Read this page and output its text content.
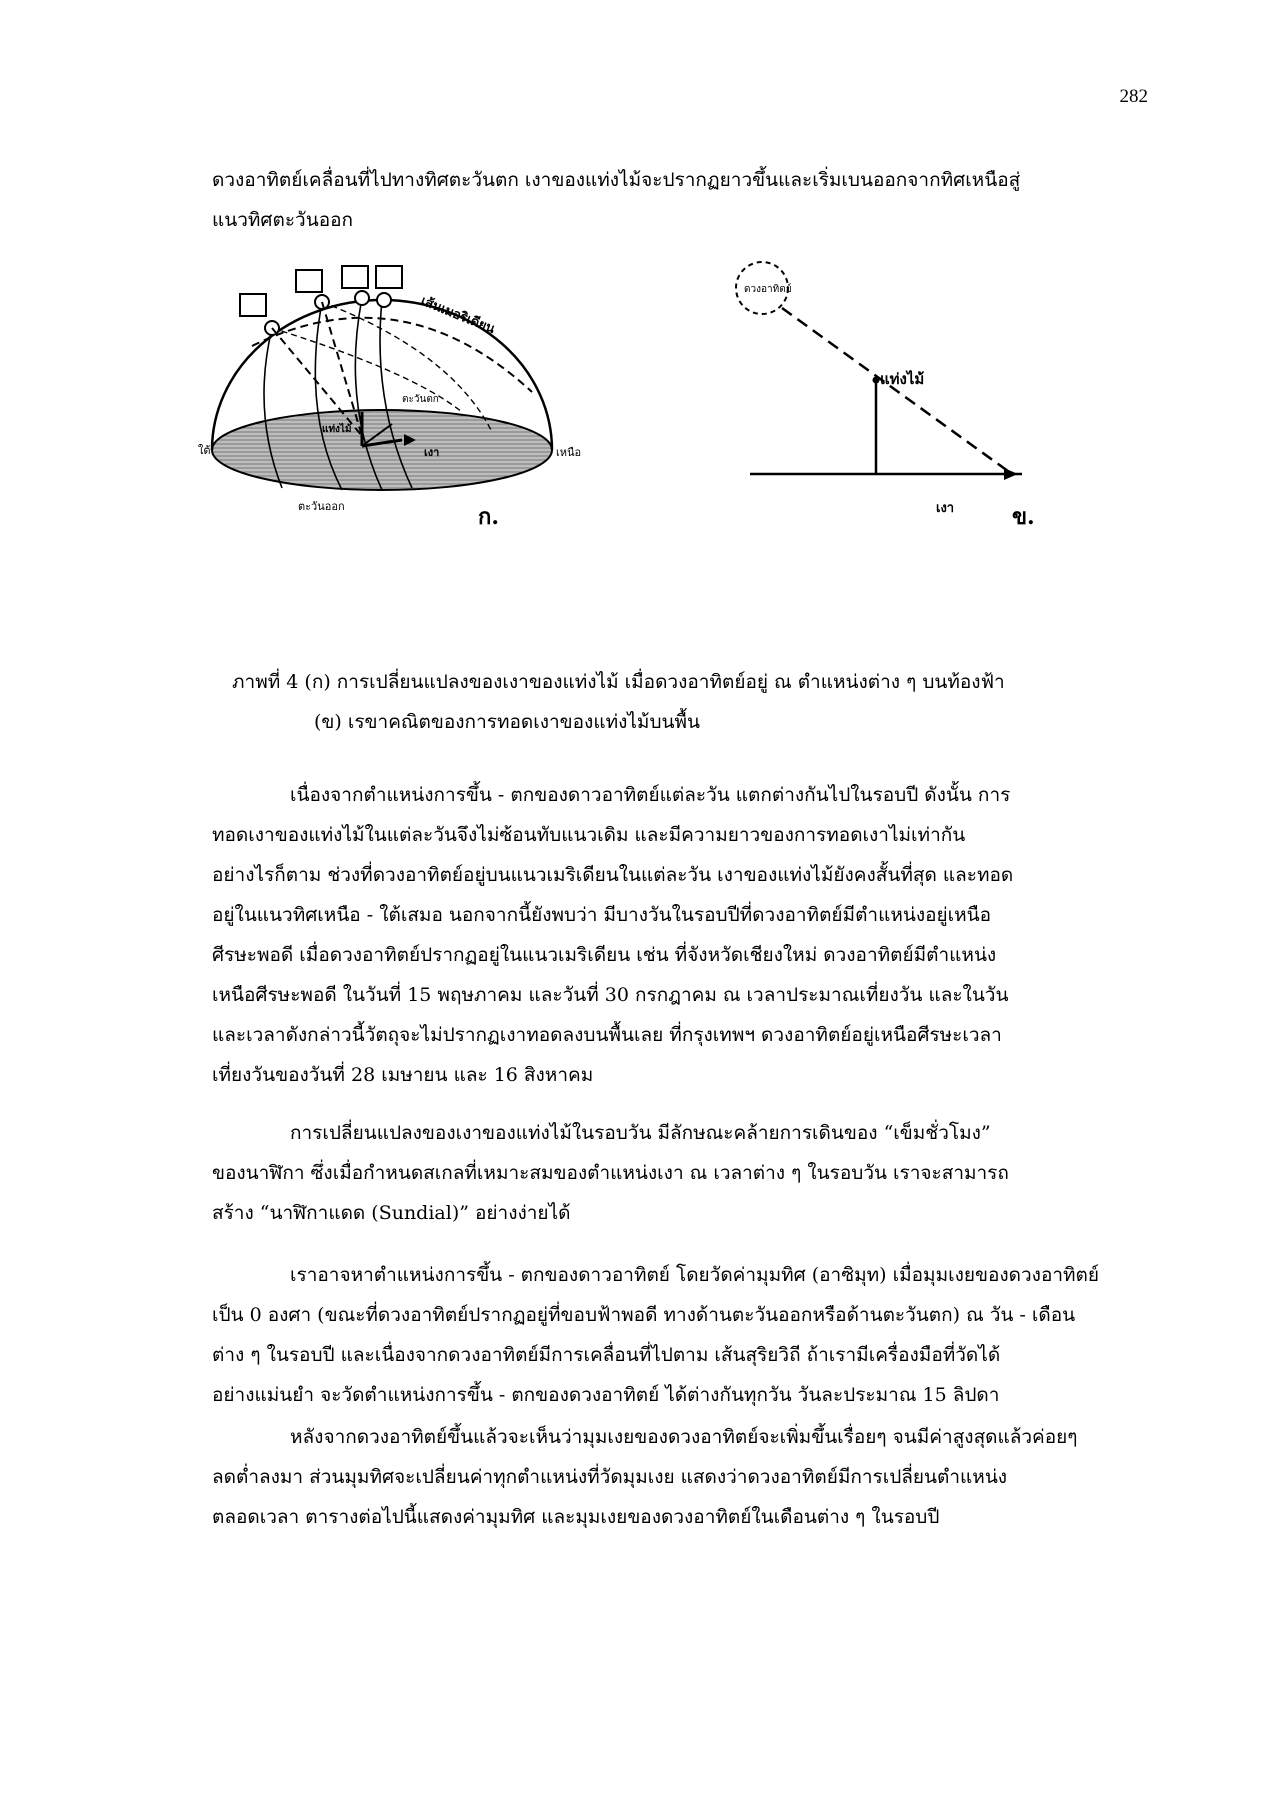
282
ดวงอาทิตย์เคลื่อนที่ไปทางทิศตะวันตก เงาของแท่งไม้จะปรากฏยาวขึ้นและเริ่มเบนออกจากทิศเหนือสู่
แนวทิศตะวันออก
ใต้	เหนือ
ตะวันออก
ตะวันตก
เส้นเมอริเดียน
แท่งไม้
เงา
ก.
ดวงอาทิตย์
แท่งไม้
เงา	ข.
ภาพที่ 4 (ก) การเปลี่ยนแปลงของเงาของแท่งไม้ เมื่อดวงอาทิตย์อยู่ ณ ตำแหน่งต่าง ๆ บนท้องฟ้า
(ข) เรขาคณิตของการทอดเงาของแท่งไม้บนพื้น
เนื่องจากตำแหน่งการขึ้น - ตกของดาวอาทิตย์แต่ละวัน แตกต่างกันไปในรอบปี ดังนั้น การ
ทอดเงาของแท่งไม้ในแต่ละวันจึงไม่ซ้อนทับแนวเดิม และมีความยาวของการทอดเงาไม่เท่ากัน
อย่างไรก็ตาม ช่วงที่ดวงอาทิตย์อยู่บนแนวเมริเดียนในแต่ละวัน เงาของแท่งไม้ยังคงสั้นที่สุด และทอด
อยู่ในแนวทิศเหนือ - ใต้เสมอ นอกจากนี้ยังพบว่า มีบางวันในรอบปีที่ดวงอาทิตย์มีตำแหน่งอยู่เหนือ
ศีรษะพอดี เมื่อดวงอาทิตย์ปรากฏอยู่ในแนวเมริเดียน เช่น ที่จังหวัดเชียงใหม่ ดวงอาทิตย์มีตำแหน่ง
เหนือศีรษะพอดี ในวันที่ 15 พฤษภาคม และวันที่ 30 กรกฎาคม ณ เวลาประมาณเที่ยงวัน และในวัน
และเวลาดังกล่าวนี้วัตถุจะไม่ปรากฏเงาทอดลงบนพื้นเลย ที่กรุงเทพฯ ดวงอาทิตย์อยู่เหนือศีรษะเวลา
เที่ยงวันของวันที่ 28 เมษายน และ 16 สิงหาคม
การเปลี่ยนแปลงของเงาของแท่งไม้ในรอบวัน มีลักษณะคล้ายการเดินของ “เข็มชั่วโมง”
ของนาฬิกา ซึ่งเมื่อกำหนดสเกลที่เหมาะสมของตำแหน่งเงา ณ เวลาต่าง ๆ ในรอบวัน เราจะสามารถ
สร้าง “นาฬิกาแดด (Sundial)” อย่างง่ายได้
เราอาจหาตำแหน่งการขึ้น - ตกของดาวอาทิตย์ โดยวัดค่ามุมทิศ (อาซิมุท) เมื่อมุมเงยของดวงอาทิตย์
เป็น 0 องศา (ขณะที่ดวงอาทิตย์ปรากฏอยู่ที่ขอบฟ้าพอดี ทางด้านตะวันออกหรือด้านตะวันตก) ณ วัน - เดือน
ต่าง ๆ ในรอบปี และเนื่องจากดวงอาทิตย์มีการเคลื่อนที่ไปตาม เส้นสุริยวิถี ถ้าเรามีเครื่องมือที่วัดได้
อย่างแม่นยำ จะวัดตำแหน่งการขึ้น - ตกของดวงอาทิตย์ ได้ต่างกันทุกวัน วันละประมาณ 15 ลิปดา
หลังจากดวงอาทิตย์ขึ้นแล้วจะเห็นว่ามุมเงยของดวงอาทิตย์จะเพิ่มขึ้นเรื่อยๆ จนมีค่าสูงสุดแล้วค่อยๆ
ลดต่ำลงมา ส่วนมุมทิศจะเปลี่ยนค่าทุกตำแหน่งที่วัดมุมเงย แสดงว่าดวงอาทิตย์มีการเปลี่ยนตำแหน่ง
ตลอดเวลา ตารางต่อไปนี้แสดงค่ามุมทิศ และมุมเงยของดวงอาทิตย์ในเดือนต่าง ๆ ในรอบปี
